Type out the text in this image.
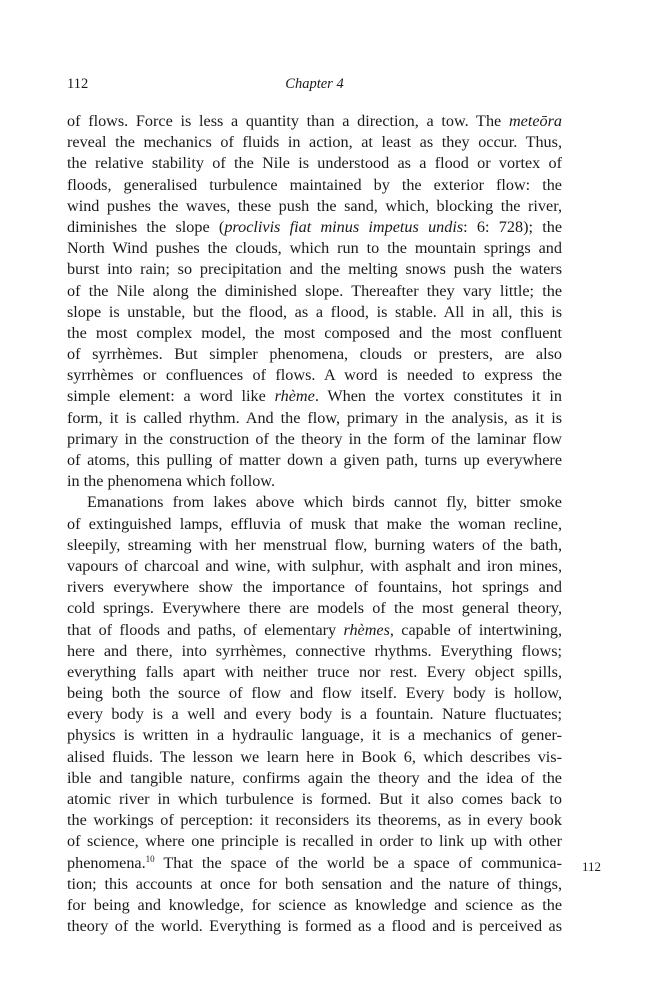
112	Chapter 4
of flows. Force is less a quantity than a direction, a tow. The meteōra
reveal the mechanics of fluids in action, at least as they occur. Thus,
the relative stability of the Nile is understood as a flood or vortex of
floods, generalised turbulence maintained by the exterior flow: the
wind pushes the waves, these push the sand, which, blocking the river,
diminishes the slope (proclivis fiat minus impetus undis: 6: 728); the
North Wind pushes the clouds, which run to the mountain springs and
burst into rain; so precipitation and the melting snows push the waters
of the Nile along the diminished slope. Thereafter they vary little; the
slope is unstable, but the flood, as a flood, is stable. All in all, this is
the most complex model, the most composed and the most confluent
of syrrhèmes. But simpler phenomena, clouds or presters, are also
syrrhèmes or confluences of flows. A word is needed to express the
simple element: a word like rhème. When the vortex constitutes it in
form, it is called rhythm. And the flow, primary in the analysis, as it is
primary in the construction of the theory in the form of the laminar flow
of atoms, this pulling of matter down a given path, turns up everywhere
in the phenomena which follow.
Emanations from lakes above which birds cannot fly, bitter smoke
of extinguished lamps, effluvia of musk that make the woman recline,
sleepily, streaming with her menstrual flow, burning waters of the bath,
vapours of charcoal and wine, with sulphur, with asphalt and iron mines,
rivers everywhere show the importance of fountains, hot springs and
cold springs. Everywhere there are models of the most general theory,
that of floods and paths, of elementary rhèmes, capable of intertwining,
here and there, into syrrhèmes, connective rhythms. Everything flows;
everything falls apart with neither truce nor rest. Every object spills,
being both the source of flow and flow itself. Every body is hollow,
every body is a well and every body is a fountain. Nature fluctuates;
physics is written in a hydraulic language, it is a mechanics of gener-
alised fluids. The lesson we learn here in Book 6, which describes vis-
ible and tangible nature, confirms again the theory and the idea of the
atomic river in which turbulence is formed. But it also comes back to
the workings of perception: it reconsiders its theorems, as in every book
of science, where one principle is recalled in order to link up with other
phenomena.$^{10}$ That the space of the world be a space of communica-
tion; this accounts at once for both sensation and the nature of things,
for being and knowledge, for science as knowledge and science as the
theory of the world. Everything is formed as a flood and is perceived as
112
